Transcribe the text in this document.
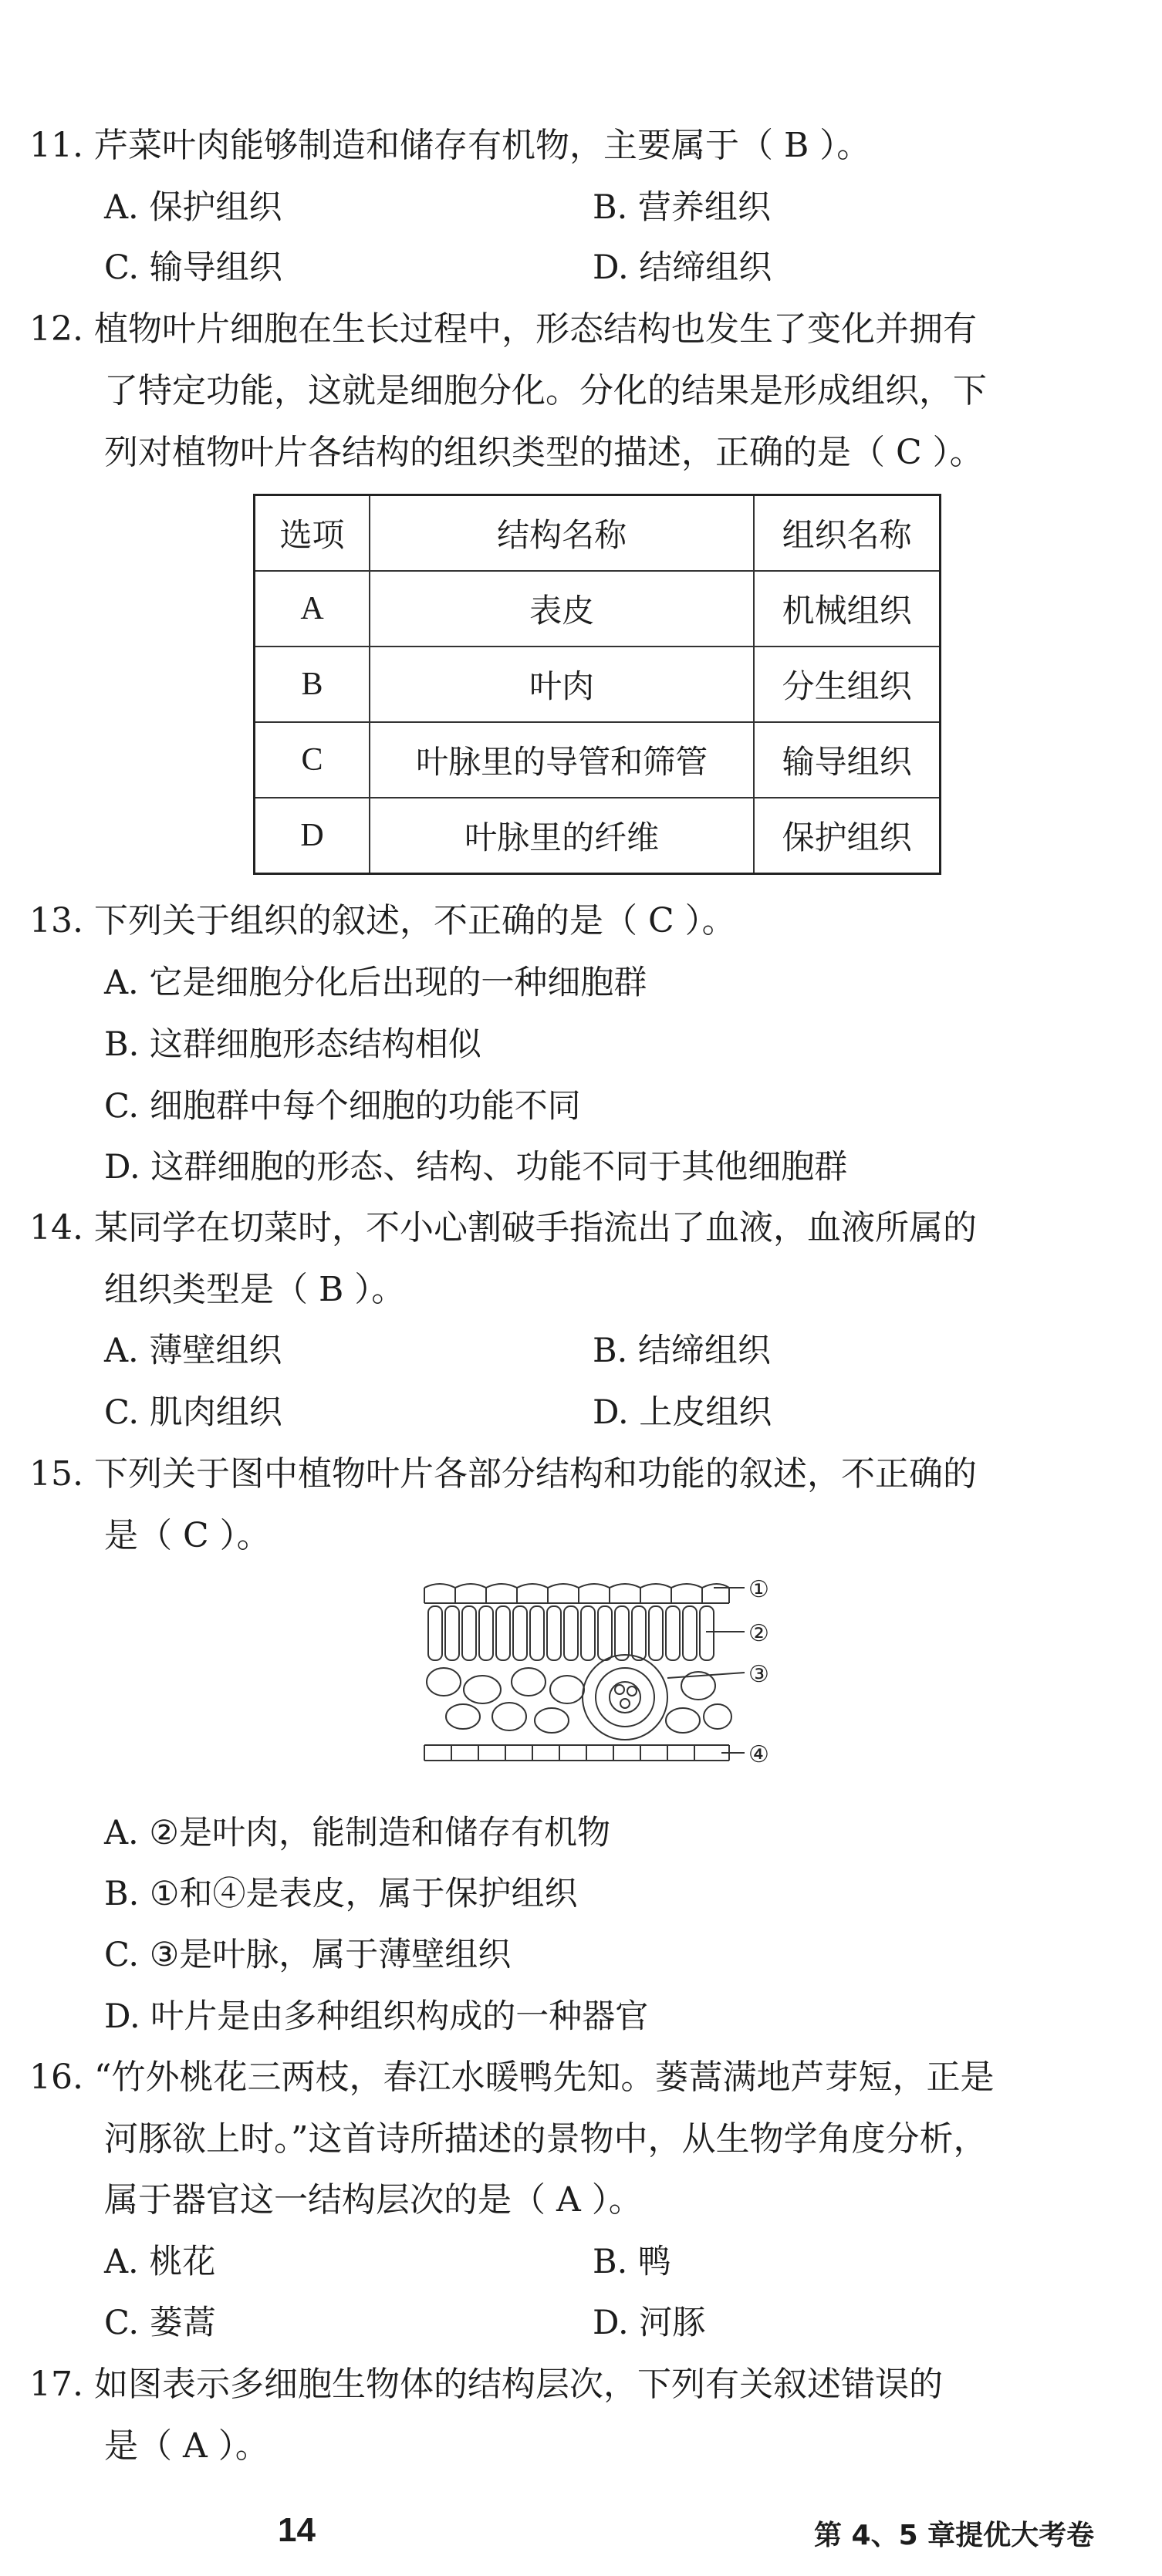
11. 芹菜叶肉能够制造和储存有机物，主要属于（ B ）。
A. 保护组织	B. 营养组织
C. 输导组织	D. 结缔组织
12. 植物叶片细胞在生长过程中，形态结构也发生了变化并拥有
了特定功能，这就是细胞分化。分化的结果是形成组织，下
列对植物叶片各结构的组织类型的描述，正确的是（ C ）。
选项	结构名称	组织名称
A	表皮	机械组织
B	叶肉	分生组织
C	叶脉里的导管和筛管	输导组织
D	叶脉里的纤维	保护组织
13. 下列关于组织的叙述，不正确的是（ C ）。
A. 它是细胞分化后出现的一种细胞群
B. 这群细胞形态结构相似
C. 细胞群中每个细胞的功能不同
D. 这群细胞的形态、结构、功能不同于其他细胞群
14. 某同学在切菜时，不小心割破手指流出了血液，血液所属的
组织类型是（ B ）。
A. 薄壁组织	B. 结缔组织
C. 肌肉组织	D. 上皮组织
15. 下列关于图中植物叶片各部分结构和功能的叙述，不正确的
是（ C ）。
①
②
③
④
A. ②是叶肉，能制造和储存有机物
B. ①和④是表皮，属于保护组织
C. ③是叶脉，属于薄壁组织
D. 叶片是由多种组织构成的一种器官
16. “竹外桃花三两枝，春江水暖鸭先知。蒌蒿满地芦芽短，正是
河豚欲上时。”这首诗所描述的景物中，从生物学角度分析，
属于器官这一结构层次的是（ A ）。
A. 桃花	B. 鸭
C. 蒌蒿	D. 河豚
17. 如图表示多细胞生物体的结构层次，下列有关叙述错误的
是（ A ）。
14	第 4、5 章提优大考卷
